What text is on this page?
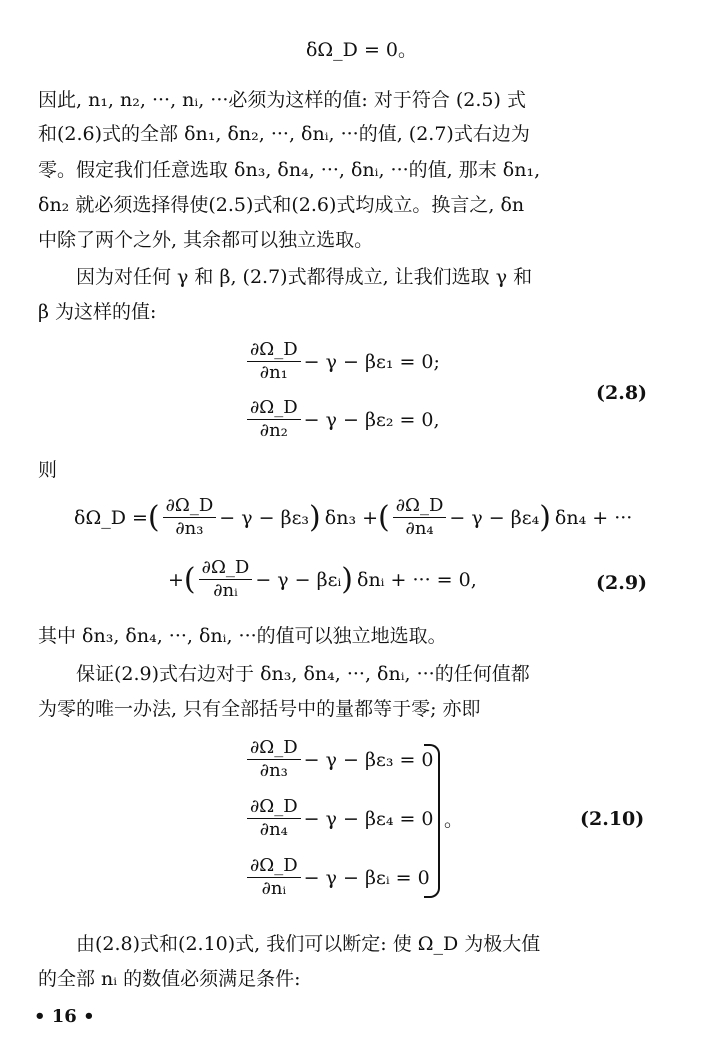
δΩ_D = 0。
因此, n₁, n₂, ···, nᵢ, ···必须为这样的值: 对于符合 (2.5) 式
和(2.6)式的全部 δn₁, δn₂, ···, δnᵢ, ···的值, (2.7)式右边为
零。假定我们任意选取 δn₃, δn₄, ···, δnᵢ, ···的值, 那末 δn₁,
δn₂ 就必须选择得使(2.5)式和(2.6)式均成立。换言之, δn
中除了两个之外, 其余都可以独立选取。
因为对任何 γ 和 β, (2.7)式都得成立, 让我们选取 γ 和
β 为这样的值:
$\frac{\partial\Omega\_D}{\text{∂n₁}} - \gamma - \beta\varepsilon_1 = 0$;
$\frac{\partial\Omega\_D}{\text{∂n₂}} - \gamma - \beta\varepsilon_2 = 0$,
(2.8)
则
δΩ_D = ( $\frac{\partial\Omega\_D}{\text{∂n₃}} - \gamma - \beta\varepsilon_3$ ) δn₃ + ( $\frac{\partial\Omega\_D}{\text{∂n₄}} - \gamma - \beta\varepsilon_4$ ) δn₄ + ···
+ ( $\frac{\partial\Omega\_D}{\text{∂nᵢ}} - \gamma$ − βεᵢ ) δnᵢ + ··· = 0,	(2.9)
其中 δn₃, δn₄, ···, δnᵢ, ···的值可以独立地选取。
保证(2.9)式右边对于 δn₃, δn₄, ···, δnᵢ, ···的任何值都
为零的唯一办法, 只有全部括号中的量都等于零; 亦即
$\frac{\partial\Omega\_D}{\text{∂n₃}} - \gamma - \beta\varepsilon_3 = 0$
$\frac{\partial\Omega\_D}{\text{∂n₄}} - \gamma - \beta\varepsilon_4 = 0$
$\frac{\partial\Omega\_D}{\text{∂nᵢ}} - \gamma$ − βεᵢ = 0
。	(2.10)
由(2.8)式和(2.10)式, 我们可以断定: 使 Ω_D 为极大值
的全部 nᵢ 的数值必须满足条件:
• 16 •
